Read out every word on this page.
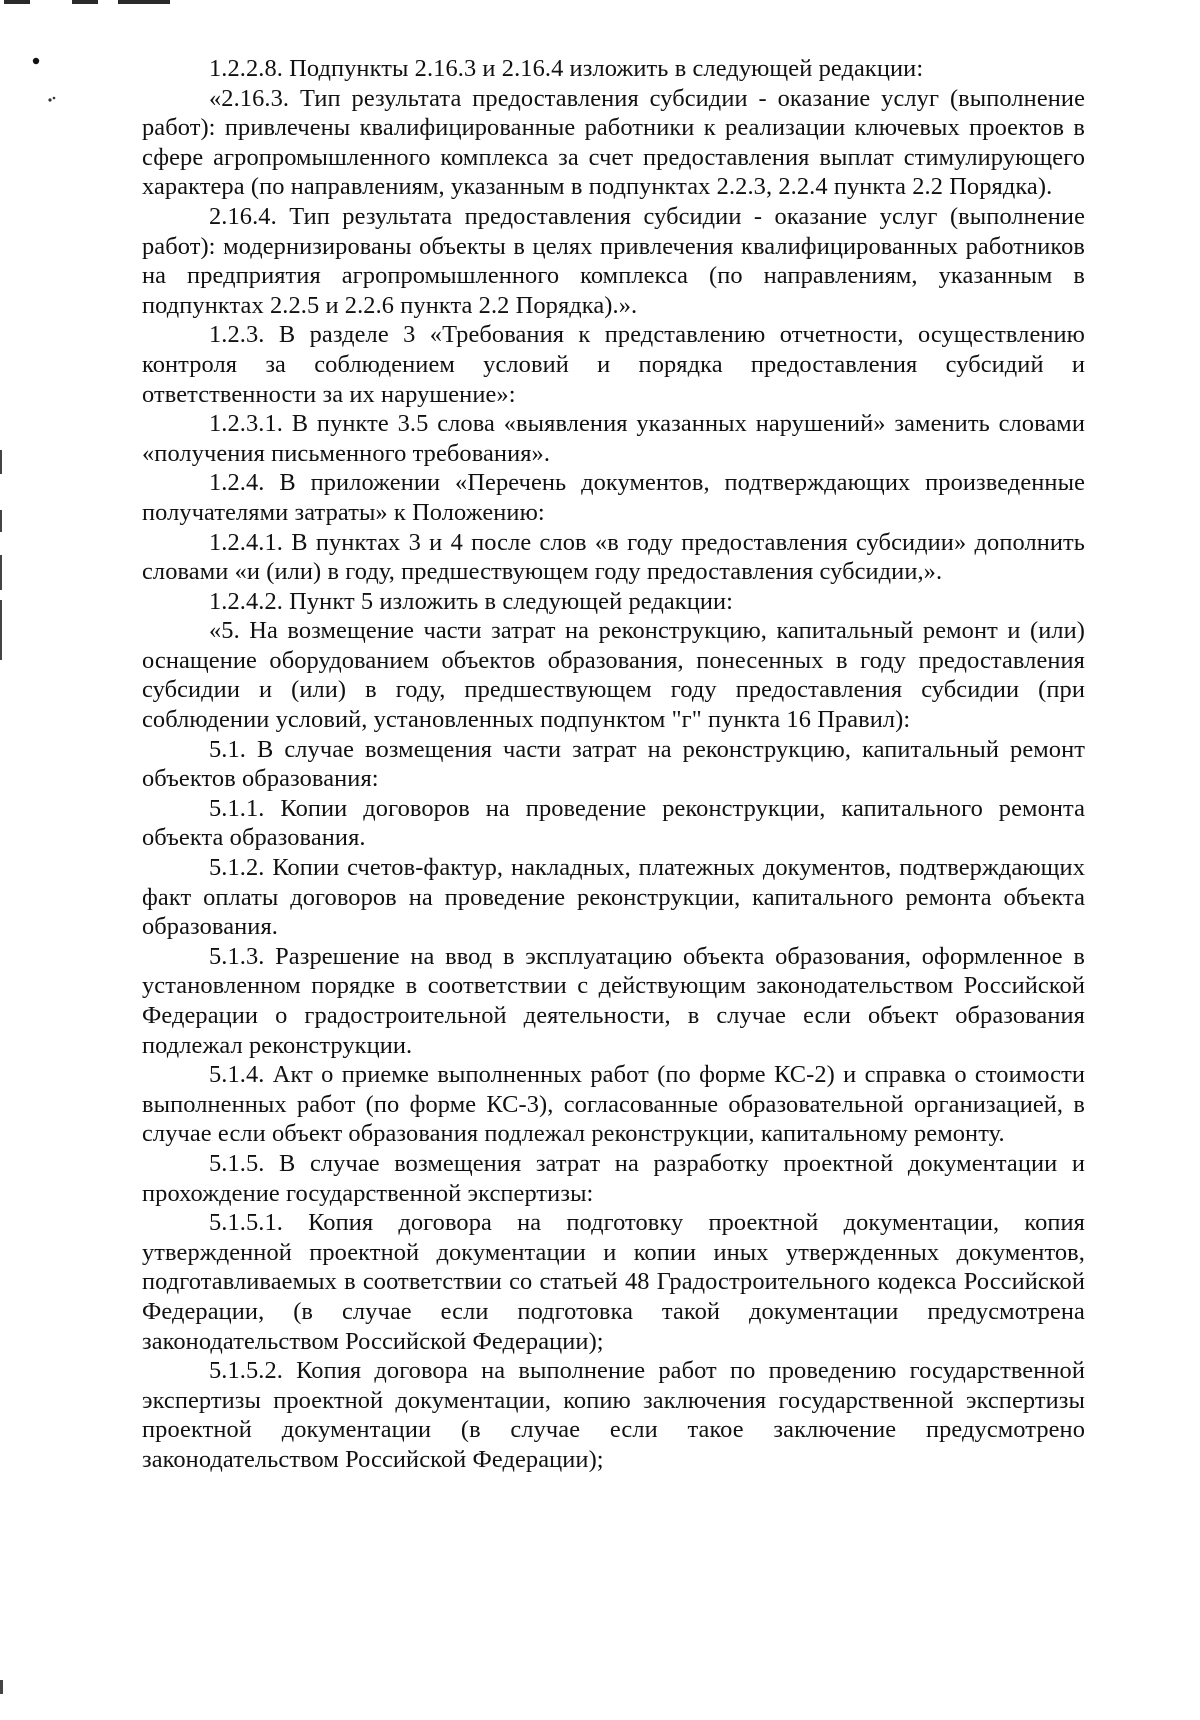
1.2.2.8. Подпункты 2.16.3 и 2.16.4 изложить в следующей редакции:

«2.16.3. Тип результата предоставления субсидии - оказание услуг (выполнение работ): привлечены квалифицированные работники к реализации ключевых проектов в сфере агропромышленного комплекса за счет предоставления выплат стимулирующего характера (по направлениям, указанным в подпунктах 2.2.3, 2.2.4 пункта 2.2 Порядка).

2.16.4. Тип результата предоставления субсидии - оказание услуг (выполнение работ): модернизированы объекты в целях привлечения квалифицированных работников на предприятия агропромышленного комплекса (по направлениям, указанным в подпунктах 2.2.5 и 2.2.6 пункта 2.2 Порядка).».

1.2.3. В разделе 3 «Требования к представлению отчетности, осуществлению контроля за соблюдением условий и порядка предоставления субсидий и ответственности за их нарушение»:

1.2.3.1. В пункте 3.5 слова «выявления указанных нарушений» заменить словами «получения письменного требования».

1.2.4. В приложении «Перечень документов, подтверждающих произведенные получателями затраты» к Положению:

1.2.4.1. В пунктах 3 и 4 после слов «в году предоставления субсидии» дополнить словами «и (или) в году, предшествующем году предоставления субсидии,».

1.2.4.2. Пункт 5 изложить в следующей редакции:

«5. На возмещение части затрат на реконструкцию, капитальный ремонт и (или) оснащение оборудованием объектов образования, понесенных в году предоставления субсидии и (или) в году, предшествующем году предоставления субсидии (при соблюдении условий, установленных подпунктом "г" пункта 16 Правил):

5.1. В случае возмещения части затрат на реконструкцию, капитальный ремонт объектов образования:

5.1.1. Копии договоров на проведение реконструкции, капитального ремонта объекта образования.

5.1.2. Копии счетов-фактур, накладных, платежных документов, подтверждающих факт оплаты договоров на проведение реконструкции, капитального ремонта объекта образования.

5.1.3. Разрешение на ввод в эксплуатацию объекта образования, оформленное в установленном порядке в соответствии с действующим законодательством Российской Федерации о градостроительной деятельности, в случае если объект образования подлежал реконструкции.

5.1.4. Акт о приемке выполненных работ (по форме КС-2) и справка о стоимости выполненных работ (по форме КС-3), согласованные образовательной организацией, в случае если объект образования подлежал реконструкции, капитальному ремонту.

5.1.5. В случае возмещения затрат на разработку проектной документации и прохождение государственной экспертизы:

5.1.5.1. Копия договора на подготовку проектной документации, копия утвержденной проектной документации и копии иных утвержденных документов, подготавливаемых в соответствии со статьей 48 Градостроительного кодекса Российской Федерации, (в случае если подготовка такой документации предусмотрена законодательством Российской Федерации);

5.1.5.2. Копия договора на выполнение работ по проведению государственной экспертизы проектной документации, копию заключения государственной экспертизы проектной документации (в случае если такое заключение предусмотрено законодательством Российской Федерации);
